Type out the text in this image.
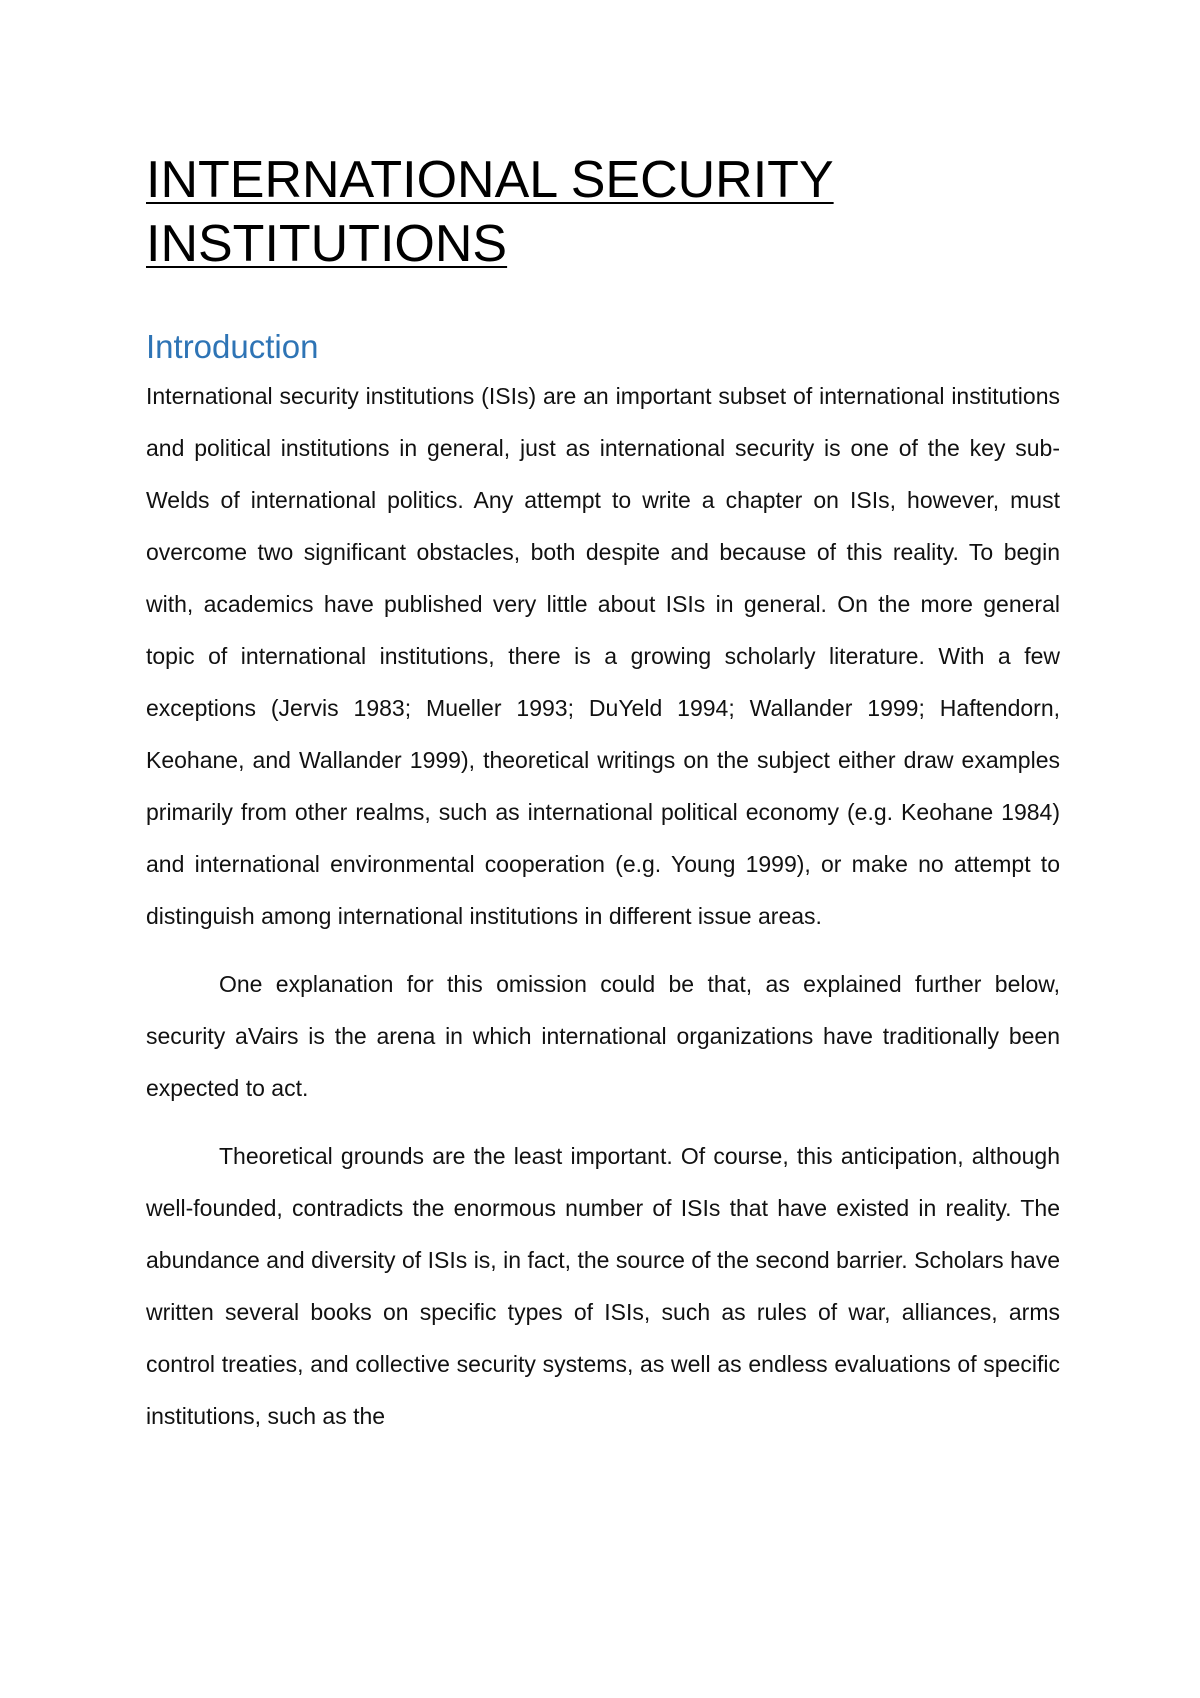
INTERNATIONAL SECURITY
INSTITUTIONS
Introduction

International security institutions (ISIs) are an important subset of international institutions and political institutions in general, just as international security is one of the key sub-Welds of international politics. Any attempt to write a chapter on ISIs, however, must overcome two significant obstacles, both despite and because of this reality. To begin with, academics have published very little about ISIs in general. On the more general topic of international institutions, there is a growing scholarly literature. With a few exceptions (Jervis 1983; Mueller 1993; DuYeld 1994; Wallander 1999; Haftendorn, Keohane, and Wallander 1999), theoretical writings on the subject either draw examples primarily from other realms, such as international political economy (e.g. Keohane 1984) and international environmental cooperation (e.g. Young 1999), or make no attempt to distinguish among international institutions in different issue areas.

One explanation for this omission could be that, as explained further below, security aVairs is the arena in which international organizations have traditionally been expected to act.

Theoretical grounds are the least important. Of course, this anticipation, although well-founded, contradicts the enormous number of ISIs that have existed in reality. The abundance and diversity of ISIs is, in fact, the source of the second barrier. Scholars have written several books on specific types of ISIs, such as rules of war, alliances, arms control treaties, and collective security systems, as well as endless evaluations of specific institutions, such as the
